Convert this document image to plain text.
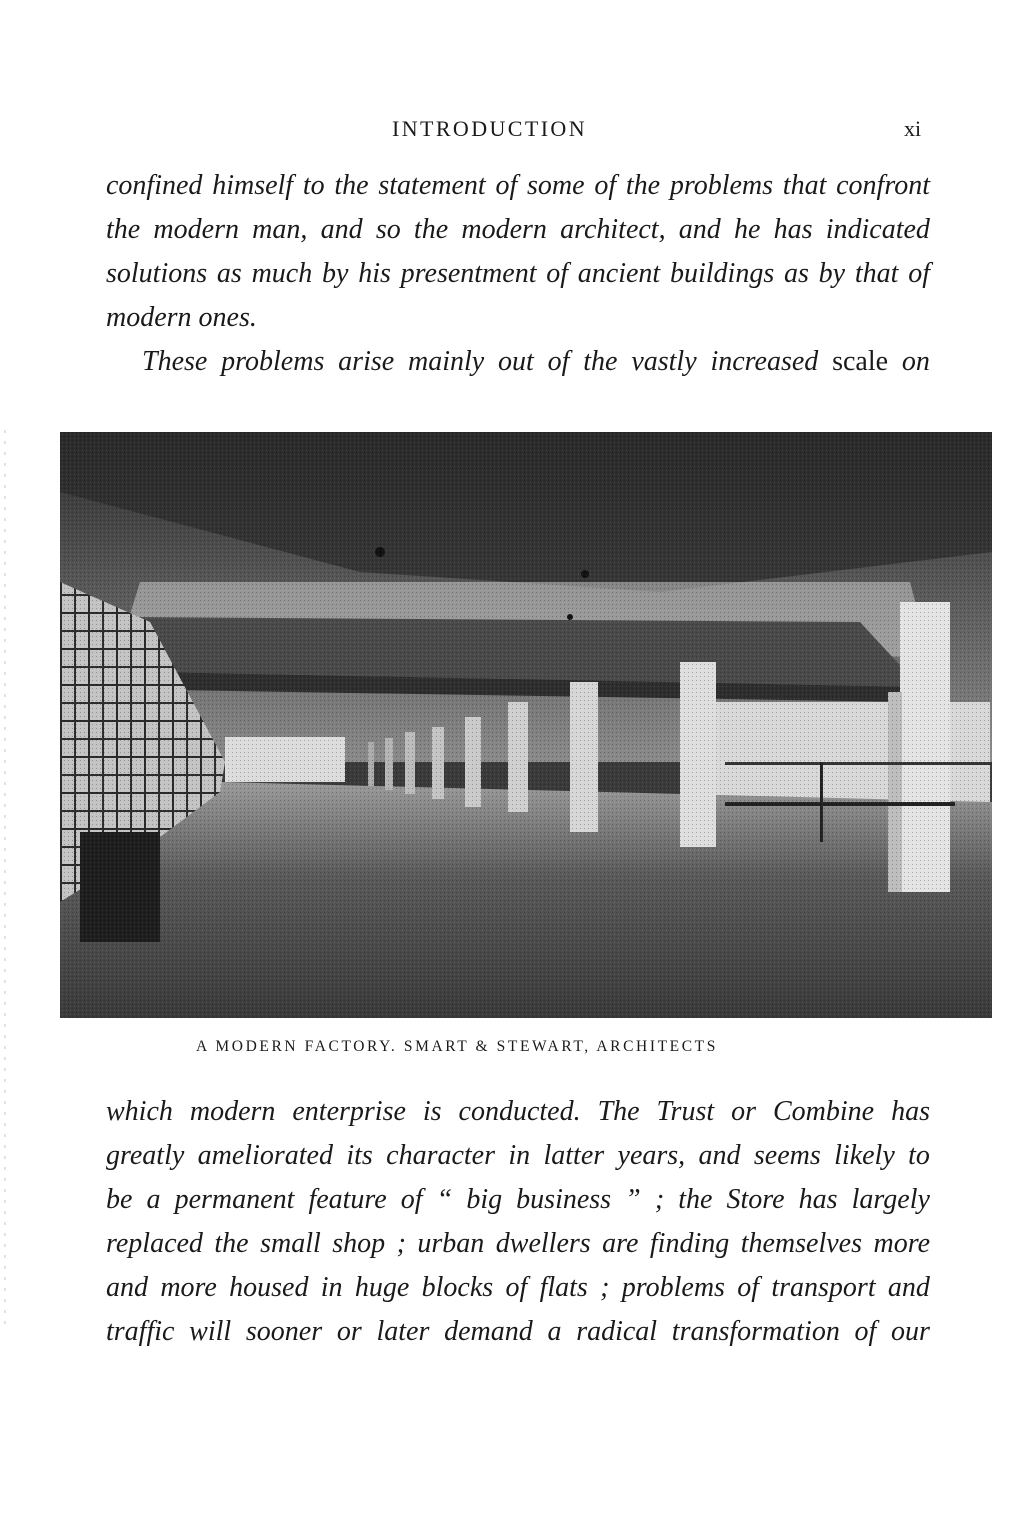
INTRODUCTION	xi
confined himself to the statement of some of the problems that confront
the modern man, and so the modern architect, and he has indicated
solutions as much by his presentment of ancient buildings as by that of
modern ones.
These problems arise mainly out of the vastly increased scale on
A MODERN FACTORY. SMART & STEWART, ARCHITECTS
which modern enterprise is conducted. The Trust or Combine has
greatly ameliorated its character in latter years, and seems likely to
be a permanent feature of “ big business ” ; the Store has largely
replaced the small shop ; urban dwellers are finding themselves more
and more housed in huge blocks of flats ; problems of transport and
traffic will sooner or later demand a radical transformation of our
